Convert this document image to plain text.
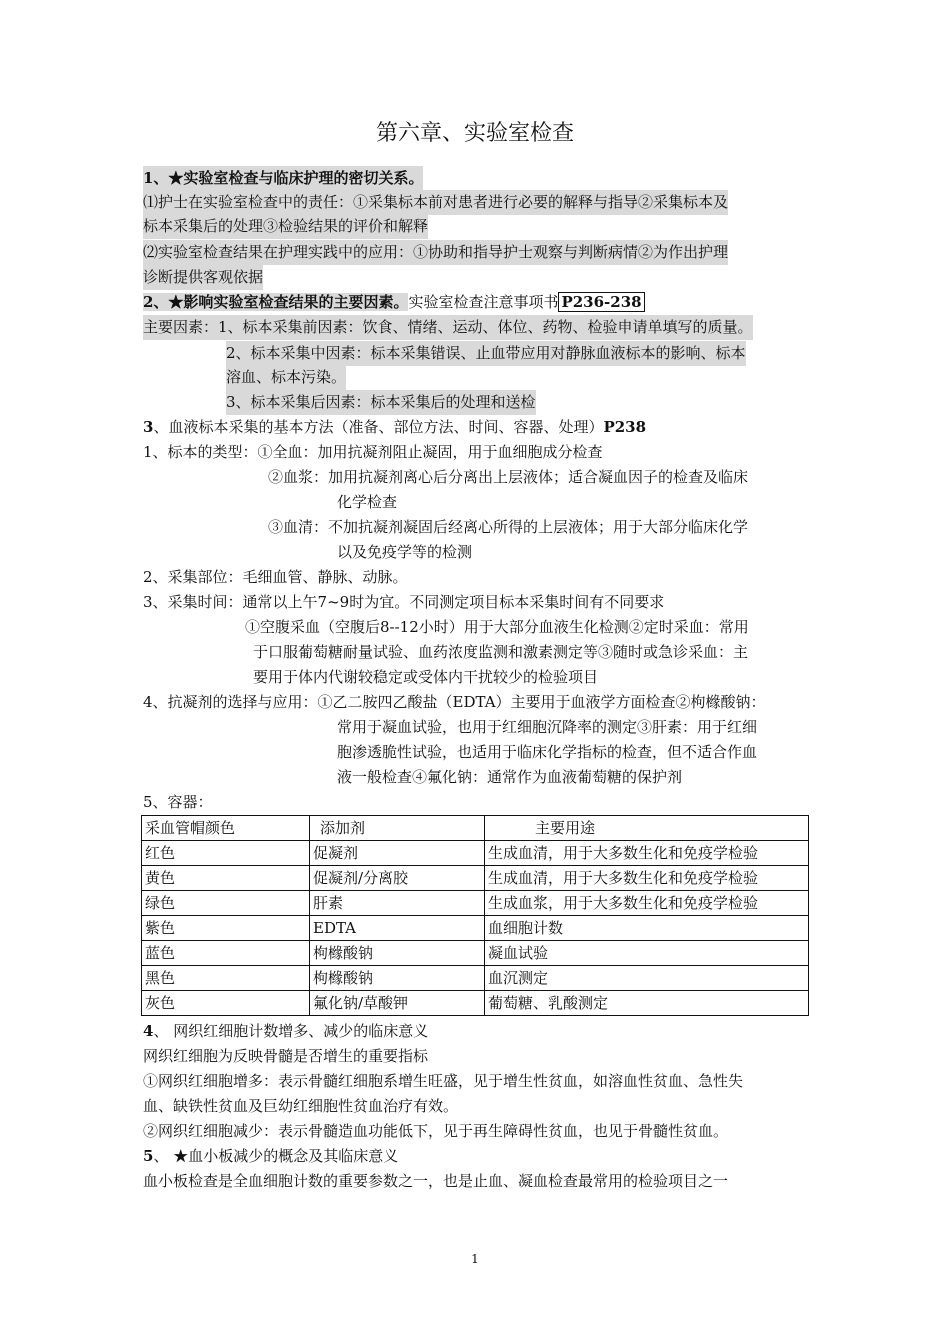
第六章、实验室检查
1、★实验室检查与临床护理的密切关系。
⑴护士在实验室检查中的责任：①采集标本前对患者进行必要的解释与指导②采集标本及
标本采集后的处理③检验结果的评价和解释
⑵实验室检查结果在护理实践中的应用：①协助和指导护士观察与判断病情②为作出护理
诊断提供客观依据
2、★影响实验室检查结果的主要因素。实验室检查注意事项书 P236-238
主要因素：1、标本采集前因素：饮食、情绪、运动、体位、药物、检验申请单填写的质量。
2、标本采集中因素：标本采集错误、止血带应用对静脉血液标本的影响、标本
溶血、标本污染。
3、标本采集后因素：标本采集后的处理和送检
3、血液标本采集的基本方法（准备、部位方法、时间、容器、处理）P238
1、标本的类型：①全血：加用抗凝剂阻止凝固，用于血细胞成分检查
②血浆：加用抗凝剂离心后分离出上层液体；适合凝血因子的检查及临床
化学检查
③血清：不加抗凝剂凝固后经离心所得的上层液体；用于大部分临床化学
以及免疫学等的检测
2、采集部位：毛细血管、静脉、动脉。
3、采集时间：通常以上午7~9时为宜。不同测定项目标本采集时间有不同要求
①空腹采血（空腹后8--12小时）用于大部分血液生化检测②定时采血：常用
于口服葡萄糖耐量试验、血药浓度监测和激素测定等③随时或急诊采血：主
要用于体内代谢较稳定或受体内干扰较少的检验项目
4、抗凝剂的选择与应用：①乙二胺四乙酸盐（EDTA）主要用于血液学方面检查②枸橼酸钠：
常用于凝血试验，也用于红细胞沉降率的测定③肝素：用于红细
胞渗透脆性试验，也适用于临床化学指标的检查，但不适合作血
液一般检查④氟化钠：通常作为血液葡萄糖的保护剂
5、容器：
采血管帽颜色	添加剂	主要用途
红色	促凝剂	生成血清，用于大多数生化和免疫学检验
黄色	促凝剂/分离胶	生成血清，用于大多数生化和免疫学检验
绿色	肝素	生成血浆，用于大多数生化和免疫学检验
紫色	EDTA	血细胞计数
蓝色	枸橼酸钠	凝血试验
黑色	枸橼酸钠	血沉测定
灰色	氟化钠/草酸钾	葡萄糖、乳酸测定
4、 网织红细胞计数增多、减少的临床意义
网织红细胞为反映骨髓是否增生的重要指标
①网织红细胞增多：表示骨髓红细胞系增生旺盛，见于增生性贫血，如溶血性贫血、急性失
血、缺铁性贫血及巨幼红细胞性贫血治疗有效。
②网织红细胞减少：表示骨髓造血功能低下，见于再生障碍性贫血，也见于骨髓性贫血。
5、 ★血小板减少的概念及其临床意义
血小板检查是全血细胞计数的重要参数之一，也是止血、凝血检查最常用的检验项目之一
1
